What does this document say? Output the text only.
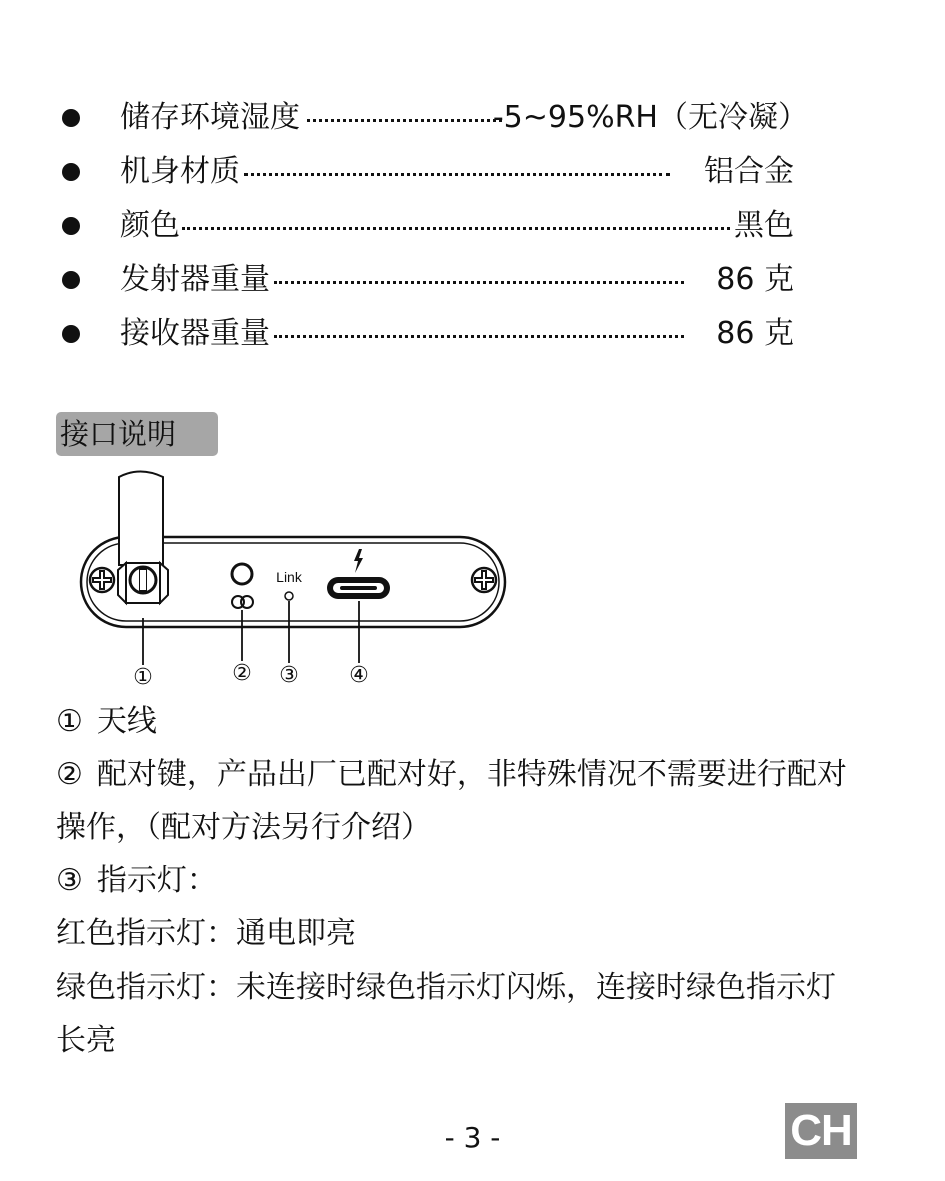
储存环境湿度	-5~95%RH（无冷凝）
机身材质	铝合金
颜色	黑色
发射器重量	86 克
接收器重量	86 克
接口说明
Link
①	② ③ ④
① 天线
② 配对键，产品出厂已配对好，非特殊情况不需要进行配对
操作，（配对方法另行介绍）
③ 指示灯：
红色指示灯：通电即亮
绿色指示灯：未连接时绿色指示灯闪烁，连接时绿色指示灯
长亮
- 3 -	CH
